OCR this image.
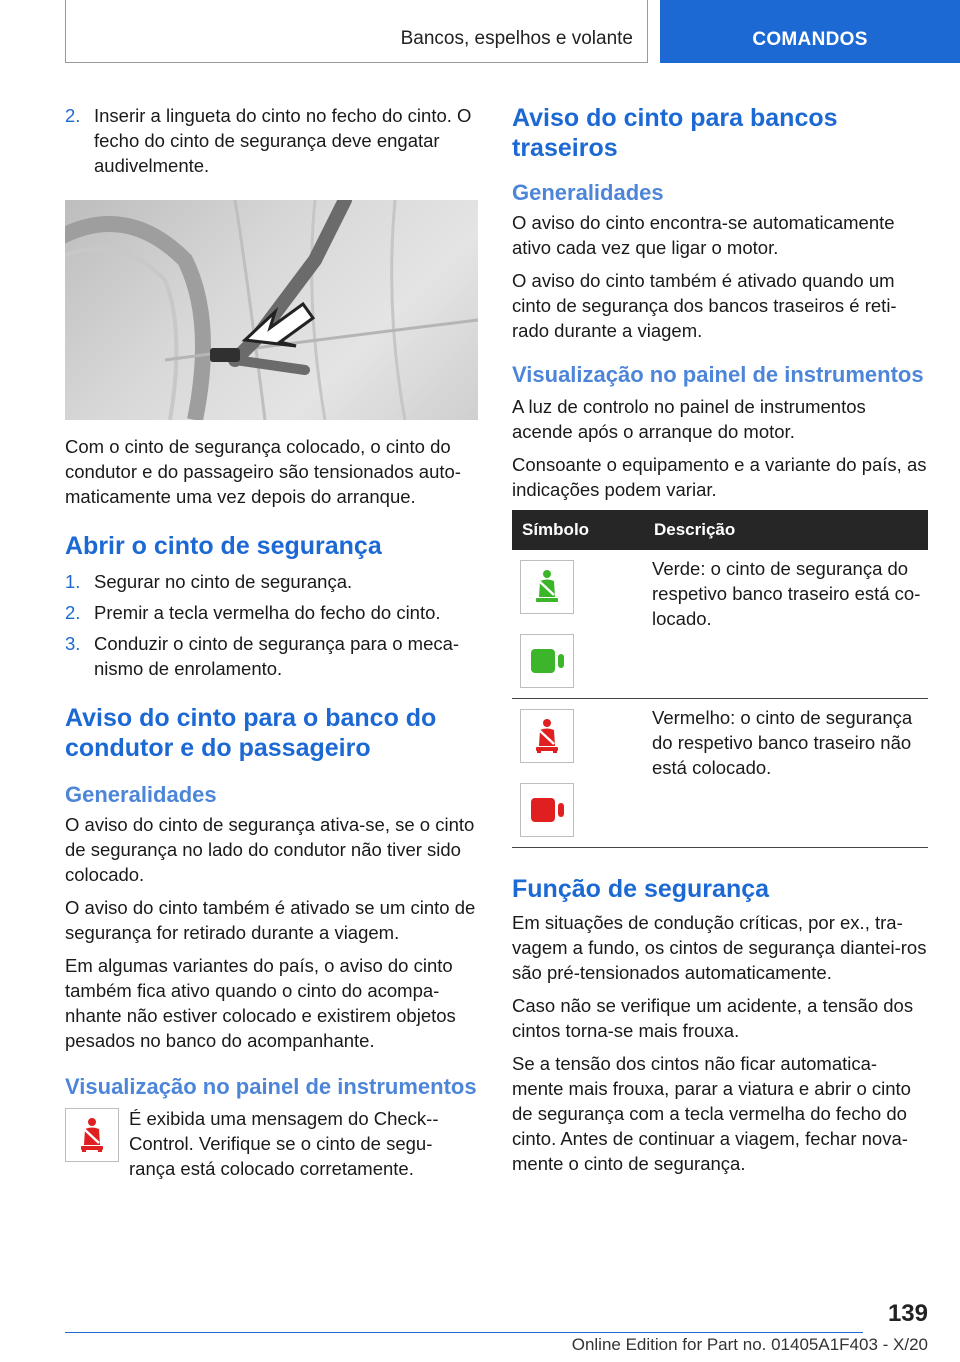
Bancos, espelhos e volante	COMANDOS
2. Inserir a lingueta do cinto no fecho do cinto. O fecho do cinto de segurança deve engatar audivelmente.

Com o cinto de segurança colocado, o cinto do condutor e do passageiro são tensionados auto-maticamente uma vez depois do arranque.

Abrir o cinto de segurança
1. Segurar no cinto de segurança.
2. Premir a tecla vermelha do fecho do cinto.
3. Conduzir o cinto de segurança para o meca-nismo de enrolamento.
Aviso do cinto para o banco do condutor e do passageiro
Generalidades

O aviso do cinto de segurança ativa-se, se o cinto de segurança no lado do condutor não tiver sido colocado.

O aviso do cinto também é ativado se um cinto de segurança for retirado durante a viagem.

Em algumas variantes do país, o aviso do cinto também fica ativo quando o cinto do acompa-nhante não estiver colocado e existirem objetos pesados no banco do acompanhante.

Visualização no painel de instrumentos

É exibida uma mensagem do Check--Control. Verifique se o cinto de segu-rança está colocado corretamente.

Aviso do cinto para bancos traseiros
Generalidades

O aviso do cinto encontra-se automaticamente ativo cada vez que ligar o motor.

O aviso do cinto também é ativado quando um cinto de segurança dos bancos traseiros é reti-rado durante a viagem.

Visualização no painel de instrumentos

A luz de controlo no painel de instrumentos acende após o arranque do motor.

Consoante o equipamento e a variante do país, as indicações podem variar.

Símbolo	Descrição

	Verde: o cinto de segurança do respetivo banco traseiro está co-locado.

	Vermelho: o cinto de segurança do respetivo banco traseiro não está colocado.
Função de segurança

Em situações de condução críticas, por ex., tra-vagem a fundo, os cintos de segurança diantei-ros são pré-tensionados automaticamente.

Caso não se verifique um acidente, a tensão dos cintos torna-se mais frouxa.

Se a tensão dos cintos não ficar automatica-mente mais frouxa, parar a viatura e abrir o cinto de segurança com a tecla vermelha do fecho do cinto. Antes de continuar a viagem, fechar nova-mente o cinto de segurança.

139
Online Edition for Part no. 01405A1F403 - X/20
